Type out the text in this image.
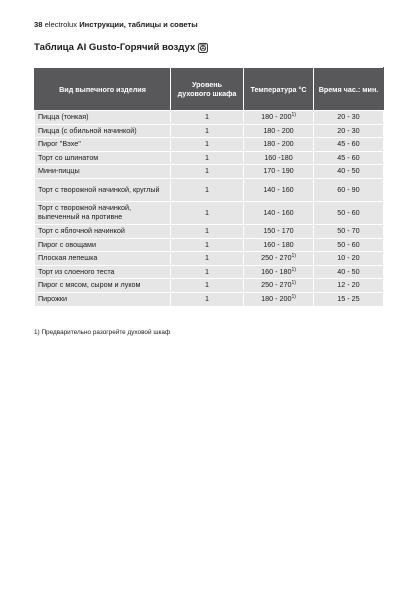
38 electrolux Инструкции, таблицы и советы
Таблица AI Gusto-Горячий воздух
Вид выпечного изделия	Уровень духового шкафа	Температура °C	Время час.: мин.
Пицца (тонкая)	1	180 - 200$^{1)}$	20 - 30
Пицца (с обильной начинкой)	1	180 - 200	20 - 30
Пирог "Вэхе"	1	180 - 200	45 - 60
Торт со шпинатом	1	160 -180	45 - 60
Мини-пиццы	1	170 - 190	40 - 50
Торт с творожной начинкой, круглый	1	140 - 160	60 - 90
Торт с творожной начинкой, выпеченный на противне	1	140 - 160	50 - 60
Торт с яблочной начинкой	1	150 - 170	50 - 70
Пирог с овощами	1	160 - 180	50 - 60
Плоская лепешка	1	250 - 270$^{1)}$	10 - 20
Торт из слоеного теста	1	160 - 180$^{1)}$	40 - 50
Пирог с мясом, сыром и луком	1	250 - 270$^{1)}$	12 - 20
Пирожки	1	180 - 200$^{1)}$	15 - 25
1) Предварительно разогрейте духовой шкаф
